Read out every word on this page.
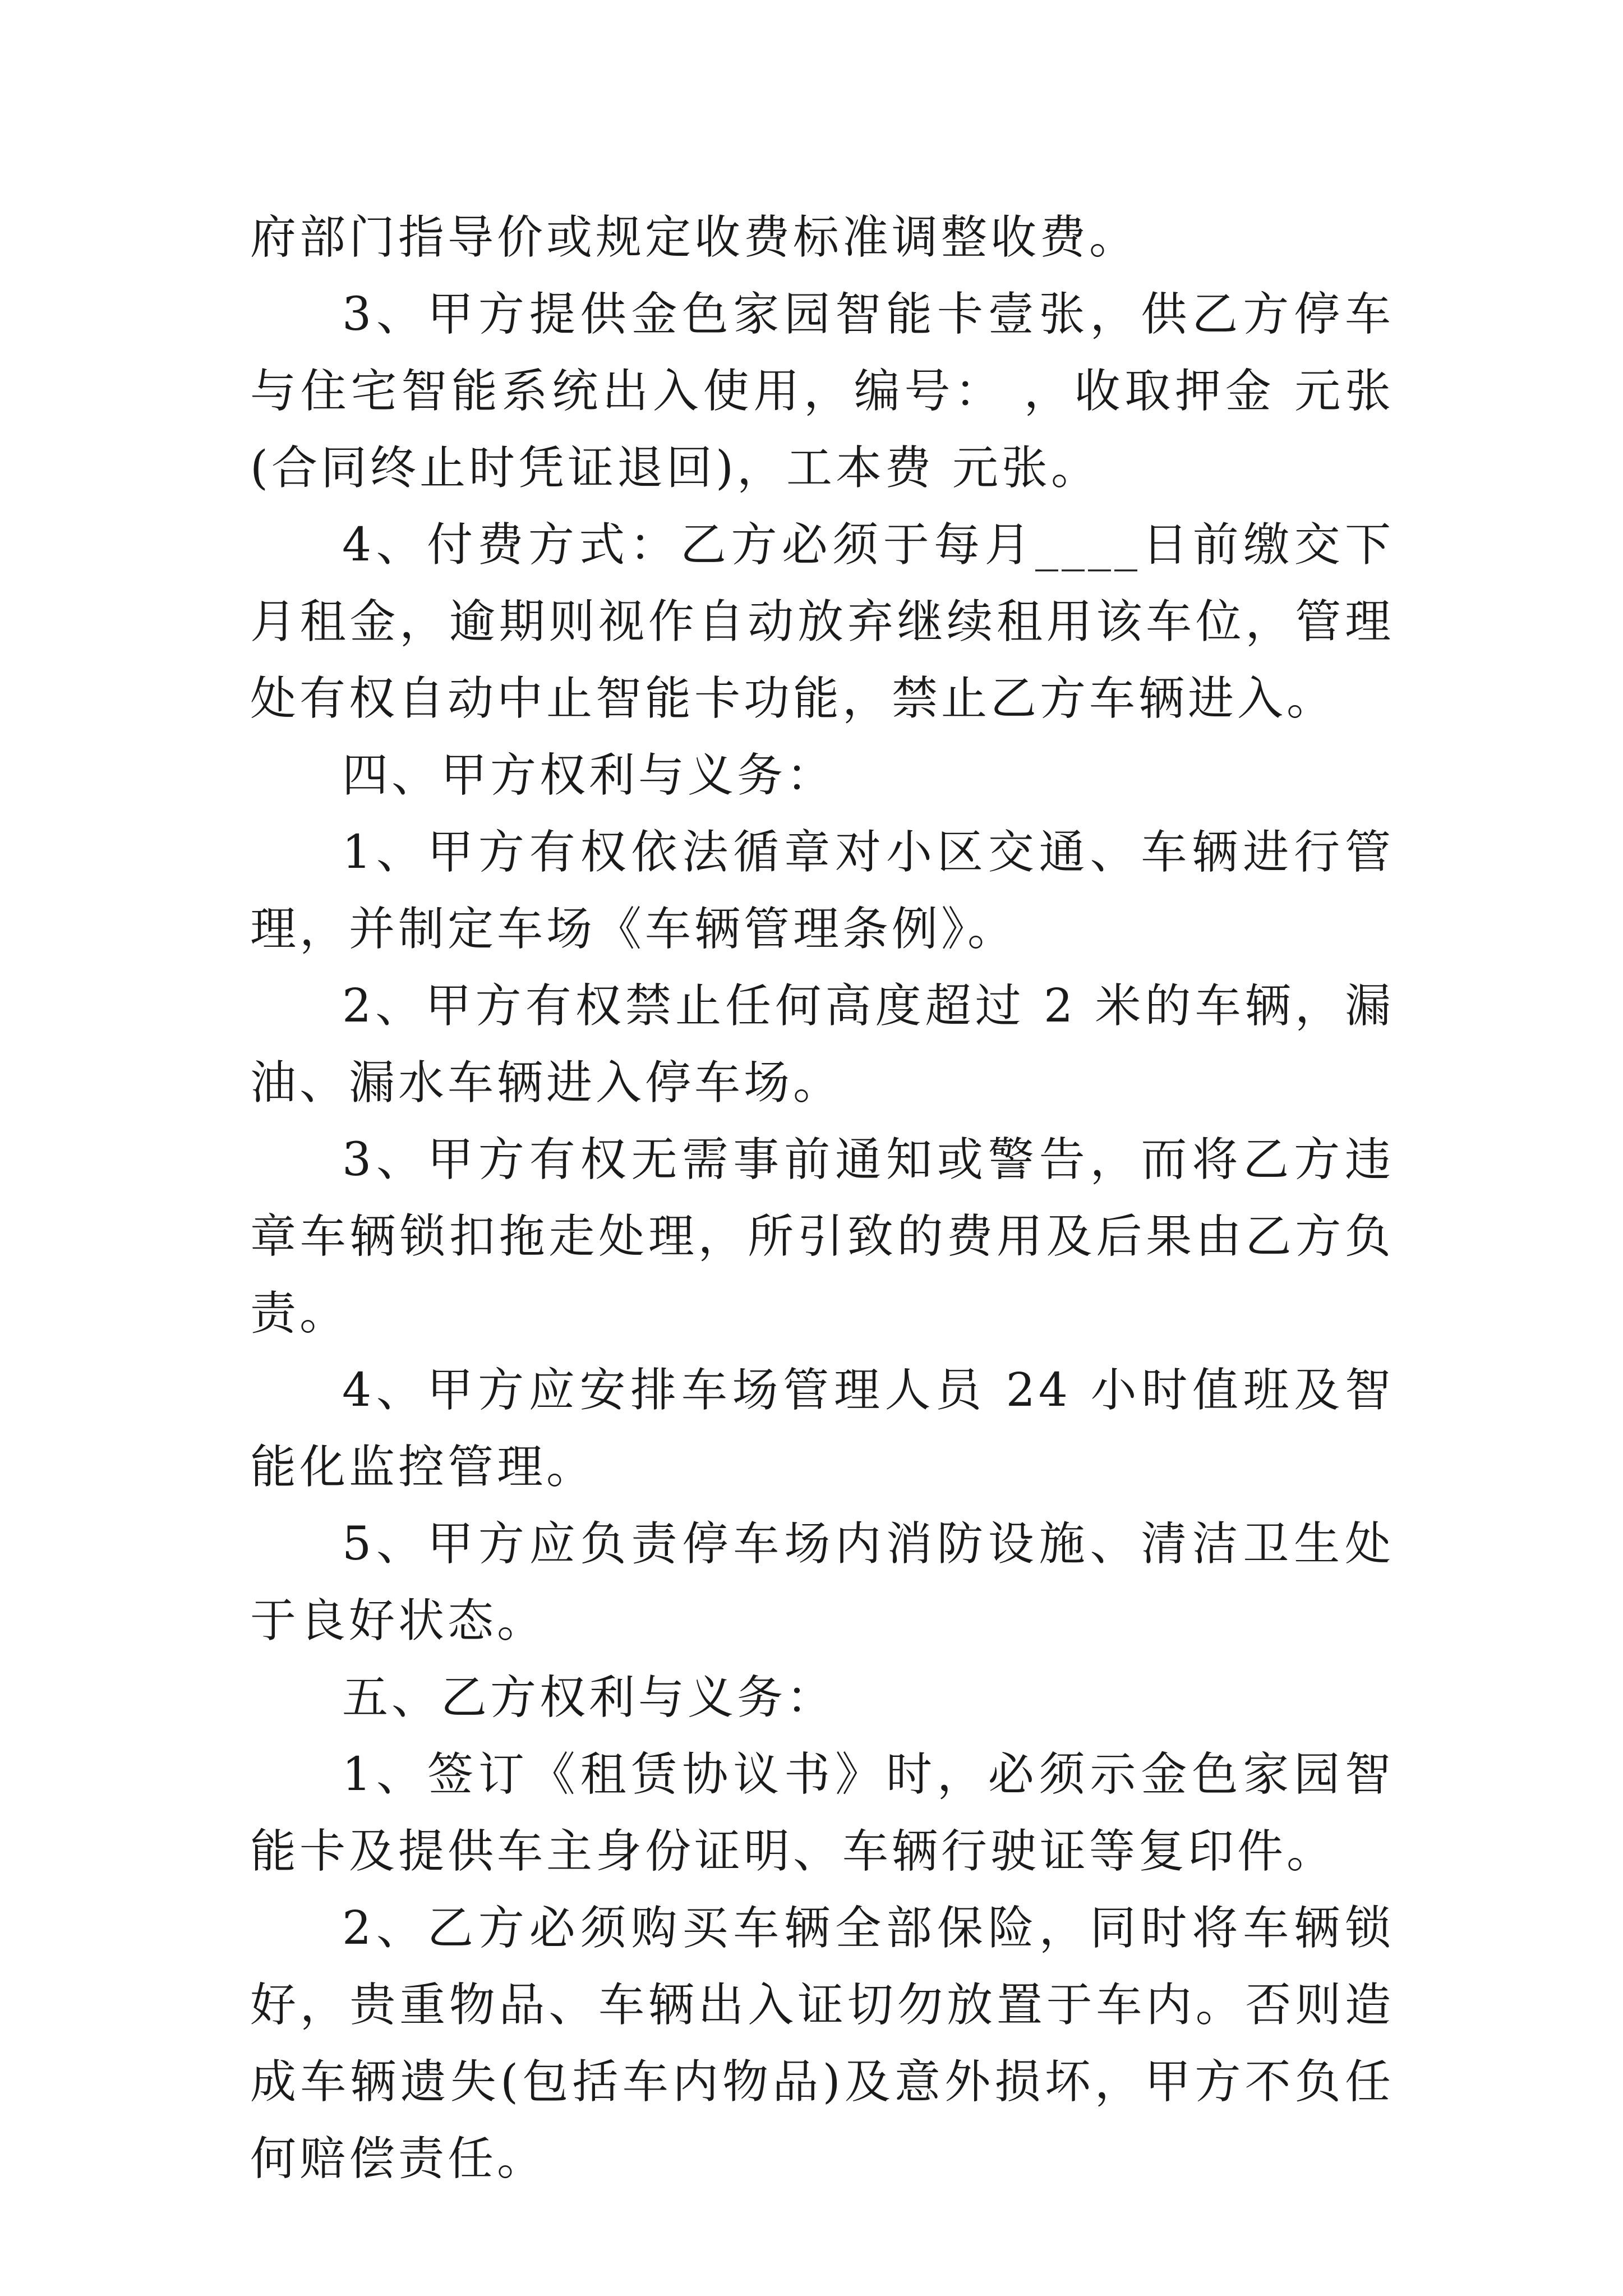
府部门指导价或规定收费标准调整收费。

3、甲方提供金色家园智能卡壹张，供乙方停车与住宅智能系统出入使用，编号： ，收取押金 元张(合同终止时凭证退回)，工本费 元张。

4、付费方式：乙方必须于每月____日前缴交下月租金，逾期则视作自动放弃继续租用该车位，管理处有权自动中止智能卡功能，禁止乙方车辆进入。

四、甲方权利与义务：

1、甲方有权依法循章对小区交通、车辆进行管理，并制定车场《车辆管理条例》。

2、甲方有权禁止任何高度超过 2 米的车辆，漏油、漏水车辆进入停车场。

3、甲方有权无需事前通知或警告，而将乙方违章车辆锁扣拖走处理，所引致的费用及后果由乙方负责。

4、甲方应安排车场管理人员 24 小时值班及智能化监控管理。

5、甲方应负责停车场内消防设施、清洁卫生处于良好状态。

五、乙方权利与义务：

1、签订《租赁协议书》时，必须示金色家园智能卡及提供车主身份证明、车辆行驶证等复印件。

2、乙方必须购买车辆全部保险，同时将车辆锁好，贵重物品、车辆出入证切勿放置于车内。否则造成车辆遗失(包括车内物品)及意外损坏，甲方不负任何赔偿责任。
